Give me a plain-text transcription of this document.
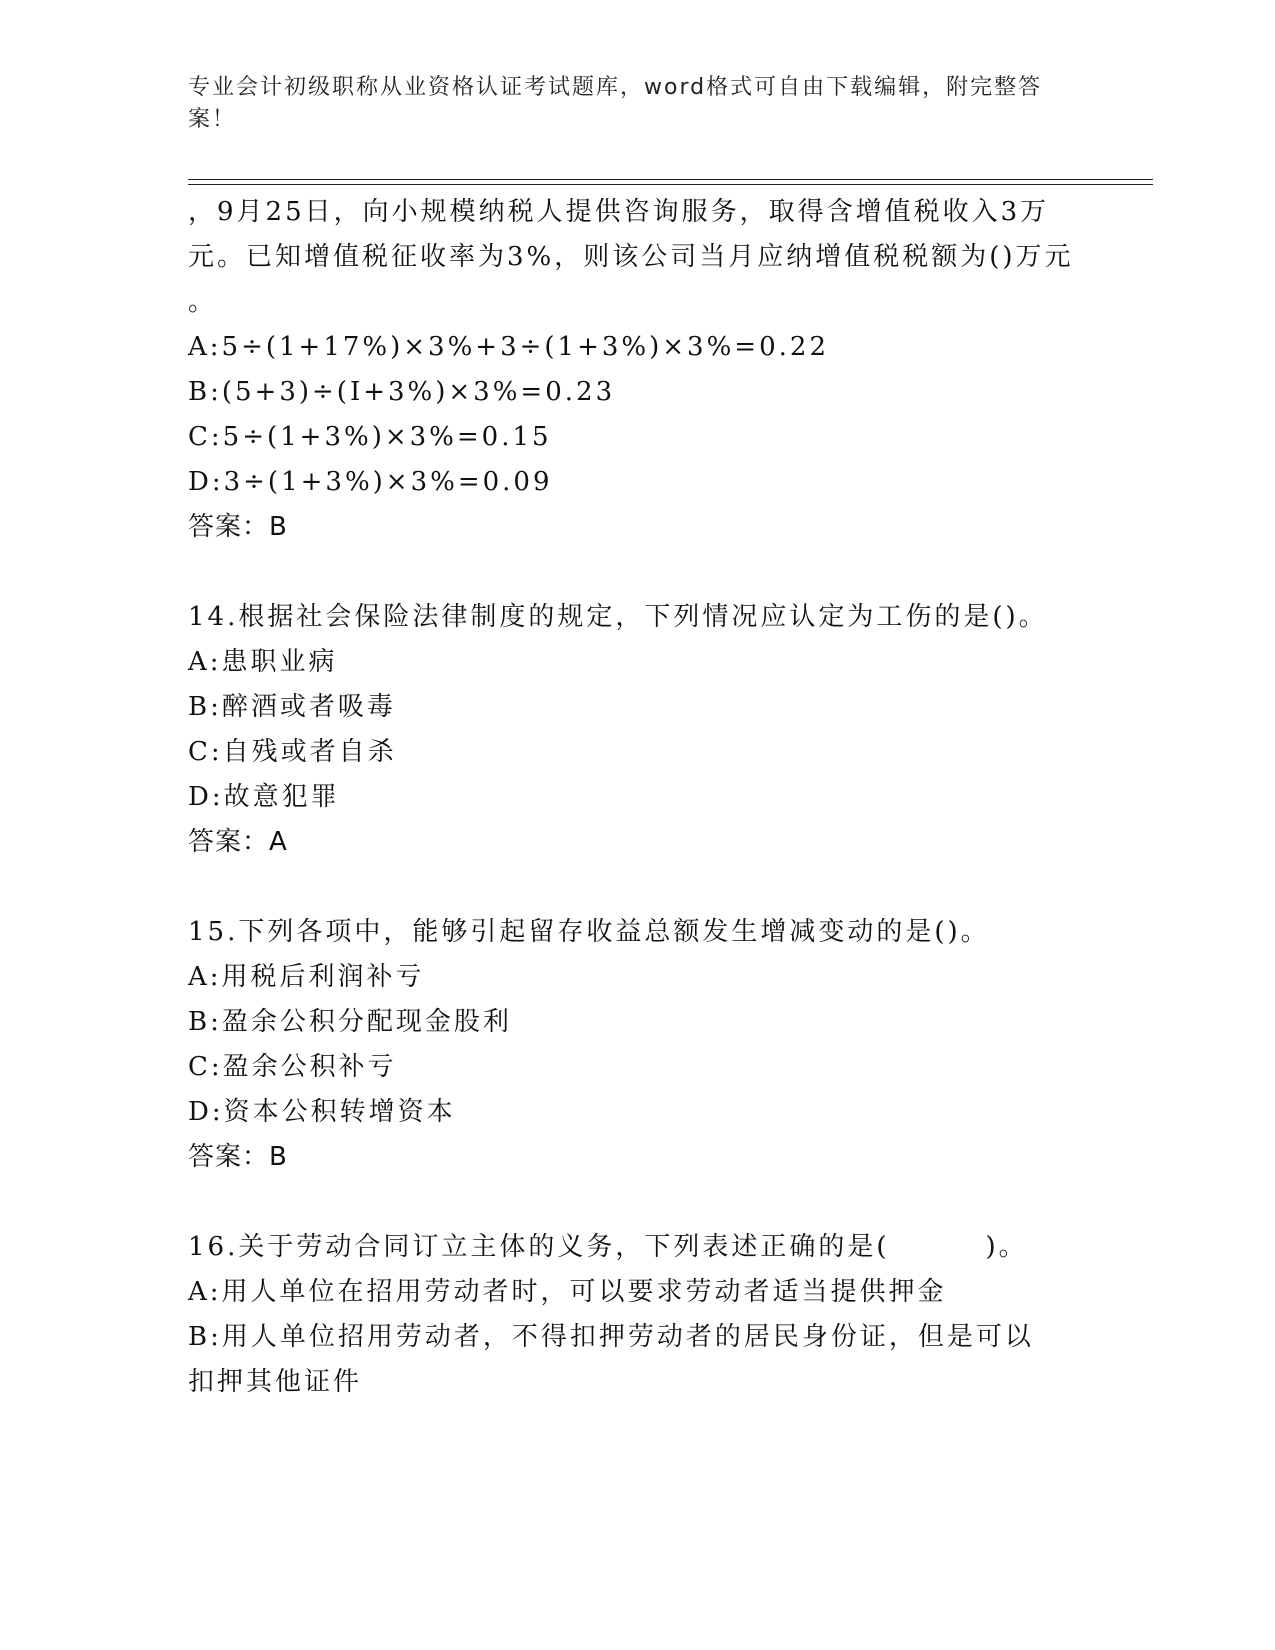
专业会计初级职称从业资格认证考试题库，word格式可自由下载编辑，附完整答案！
，9月25日，向小规模纳税人提供咨询服务，取得含增值税收入3万
元。已知增值税征收率为3%，则该公司当月应纳增值税税额为()万元
。
A:5÷(1+17%)×3%+3÷(1+3%)×3%=0.22
B:(5+3)÷(I+3%)×3%=0.23
C:5÷(1+3%)×3%=0.15
D:3÷(1+3%)×3%=0.09
答案：B
14.根据社会保险法律制度的规定，下列情况应认定为工伤的是()。
A:患职业病
B:醉酒或者吸毒
C:自残或者自杀
D:故意犯罪
答案：A
15.下列各项中，能够引起留存收益总额发生增减变动的是()。
A:用税后利润补亏
B:盈余公积分配现金股利
C:盈余公积补亏
D:资本公积转增资本
答案：B
16.关于劳动合同订立主体的义务，下列表述正确的是(	)。
A:用人单位在招用劳动者时，可以要求劳动者适当提供押金
B:用人单位招用劳动者，不得扣押劳动者的居民身份证，但是可以扣押其他证件
